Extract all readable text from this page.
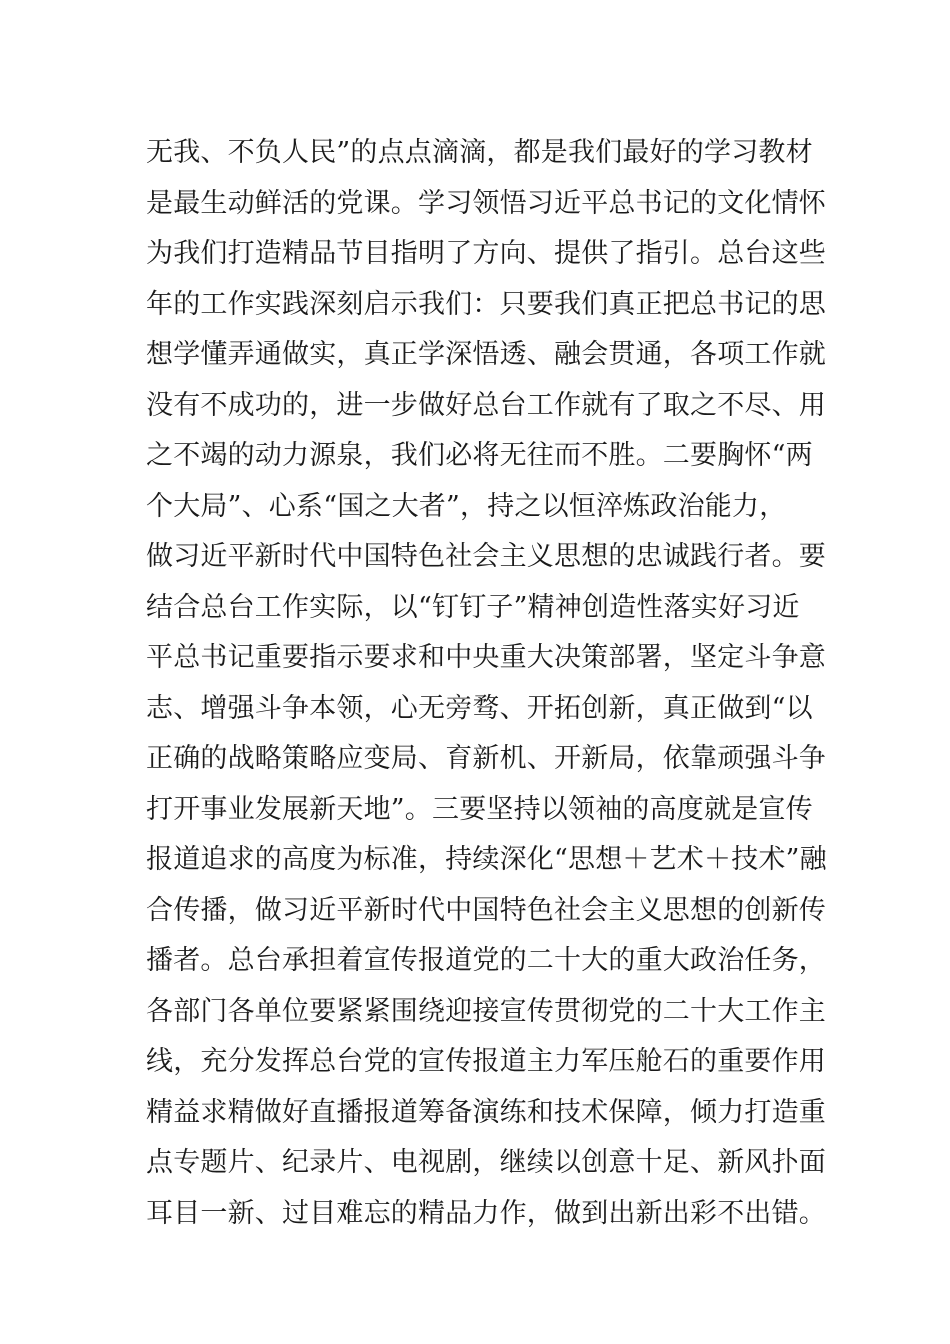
无我、不负人民”的点点滴滴，都是我们最好的学习教材
是最生动鲜活的党课。学习领悟习近平总书记的文化情怀
为我们打造精品节目指明了方向、提供了指引。总台这些
年的工作实践深刻启示我们：只要我们真正把总书记的思
想学懂弄通做实，真正学深悟透、融会贯通，各项工作就
没有不成功的，进一步做好总台工作就有了取之不尽、用
之不竭的动力源泉，我们必将无往而不胜。二要胸怀“两
个大局”、心系“国之大者”，持之以恒淬炼政治能力，
做习近平新时代中国特色社会主义思想的忠诚践行者。要
结合总台工作实际，以“钉钉子”精神创造性落实好习近
平总书记重要指示要求和中央重大决策部署，坚定斗争意
志、增强斗争本领，心无旁骛、开拓创新，真正做到“以
正确的战略策略应变局、育新机、开新局，依靠顽强斗争
打开事业发展新天地”。三要坚持以领袖的高度就是宣传
报道追求的高度为标准，持续深化“思想＋艺术＋技术”融
合传播，做习近平新时代中国特色社会主义思想的创新传
播者。总台承担着宣传报道党的二十大的重大政治任务，
各部门各单位要紧紧围绕迎接宣传贯彻党的二十大工作主
线，充分发挥总台党的宣传报道主力军压舱石的重要作用
精益求精做好直播报道筹备演练和技术保障，倾力打造重
点专题片、纪录片、电视剧，继续以创意十足、新风扑面
耳目一新、过目难忘的精品力作，做到出新出彩不出错。
